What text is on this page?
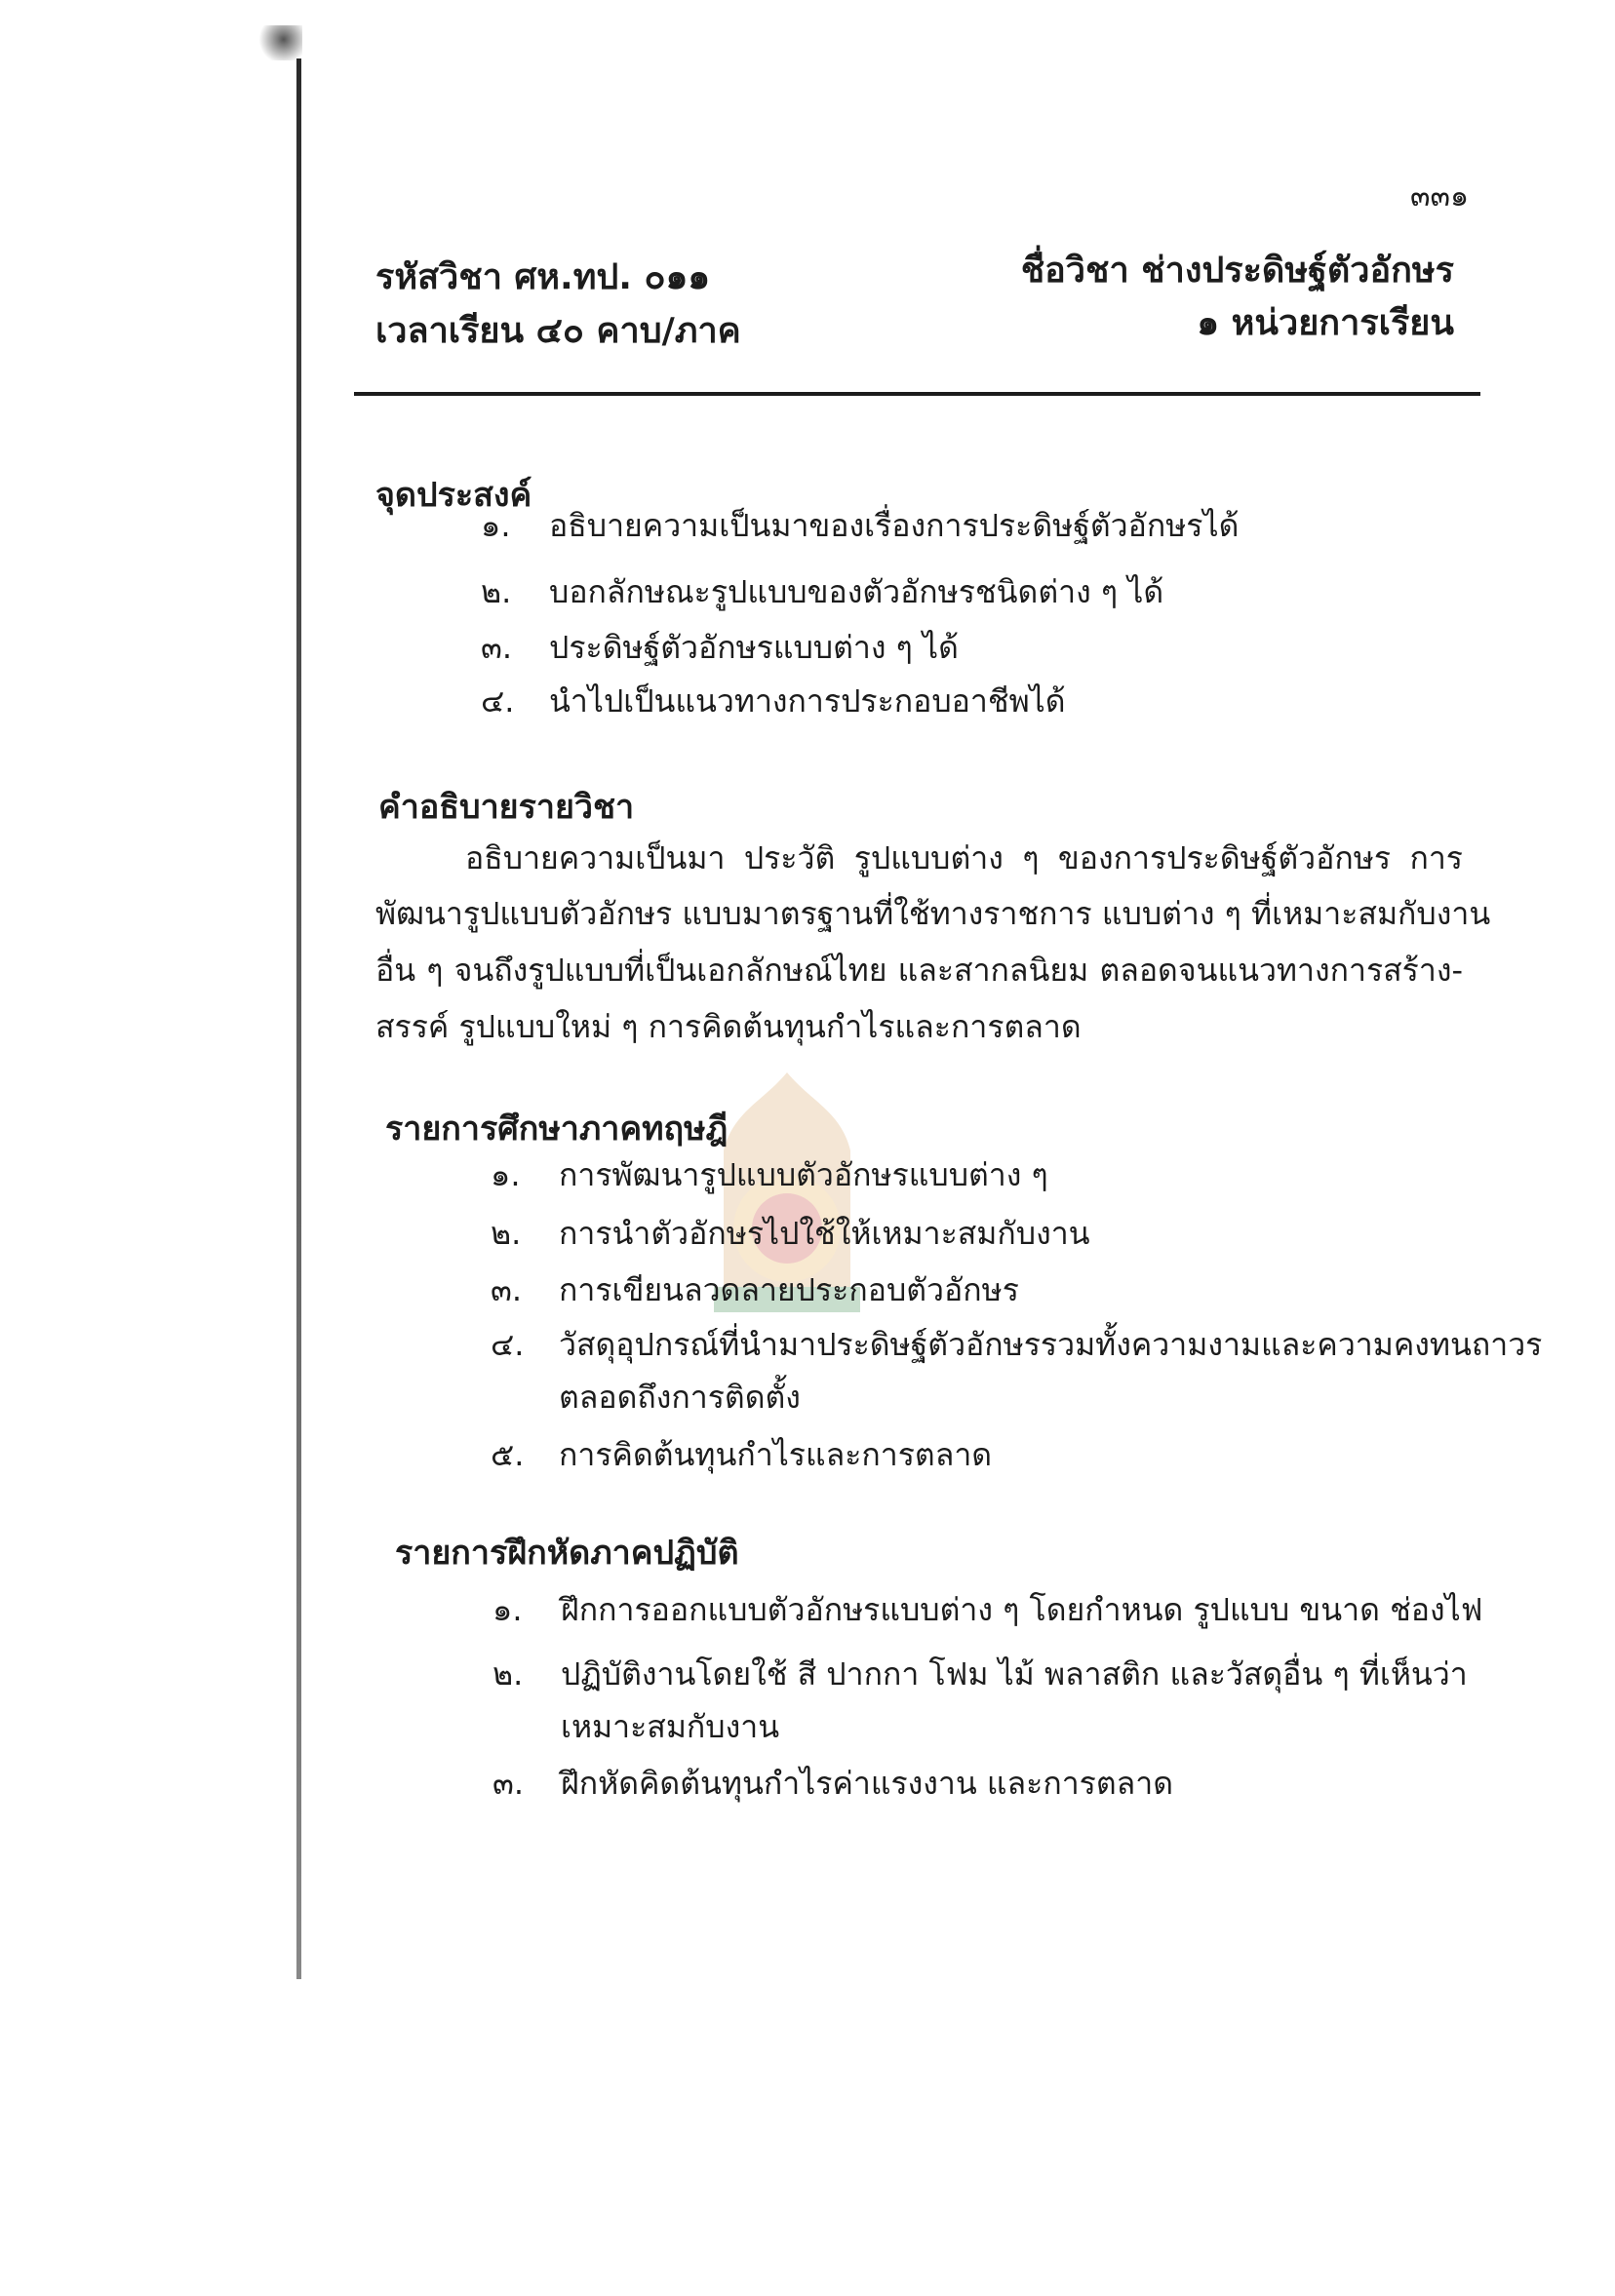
๓๓๑
รหัสวิชา ศห.ทป. ๐๑๑
เวลาเรียน ๔๐ คาบ/ภาค
ชื่อวิชา ช่างประดิษฐ์ตัวอักษร
๑ หน่วยการเรียน
จุดประสงค์
๑.	อธิบายความเป็นมาของเรื่องการประดิษฐ์ตัวอักษรได้
๒.	บอกลักษณะรูปแบบของตัวอักษรชนิดต่าง ๆ ได้
๓.	ประดิษฐ์ตัวอักษรแบบต่าง ๆ ได้
๔.	นำไปเป็นแนวทางการประกอบอาชีพได้
คำอธิบายรายวิชา
อธิบายความเป็นมา ประวัติ รูปแบบต่าง ๆ ของการประดิษฐ์ตัวอักษร การ
พัฒนารูปแบบตัวอักษร แบบมาตรฐานที่ใช้ทางราชการ แบบต่าง ๆ ที่เหมาะสมกับงาน
อื่น ๆ จนถึงรูปแบบที่เป็นเอกลักษณ์ไทย และสากลนิยม ตลอดจนแนวทางการสร้าง-
สรรค์ รูปแบบใหม่ ๆ การคิดต้นทุนกำไรและการตลาด
รายการศึกษาภาคทฤษฎี
๑.	การพัฒนารูปแบบตัวอักษรแบบต่าง ๆ
๒.	การนำตัวอักษรไปใช้ให้เหมาะสมกับงาน
๓.	การเขียนลวดลายประกอบตัวอักษร
๔.	วัสดุอุปกรณ์ที่นำมาประดิษฐ์ตัวอักษรรวมทั้งความงามและความคงทนถาวร
ตลอดถึงการติดตั้ง
๕.	การคิดต้นทุนกำไรและการตลาด
รายการฝึกหัดภาคปฏิบัติ
๑.	ฝึกการออกแบบตัวอักษรแบบต่าง ๆ โดยกำหนด รูปแบบ ขนาด ช่องไฟ
๒.	ปฏิบัติงานโดยใช้ สี ปากกา โฟม ไม้ พลาสติก และวัสดุอื่น ๆ ที่เห็นว่า
เหมาะสมกับงาน
๓.	ฝึกหัดคิดต้นทุนกำไรค่าแรงงาน และการตลาด
